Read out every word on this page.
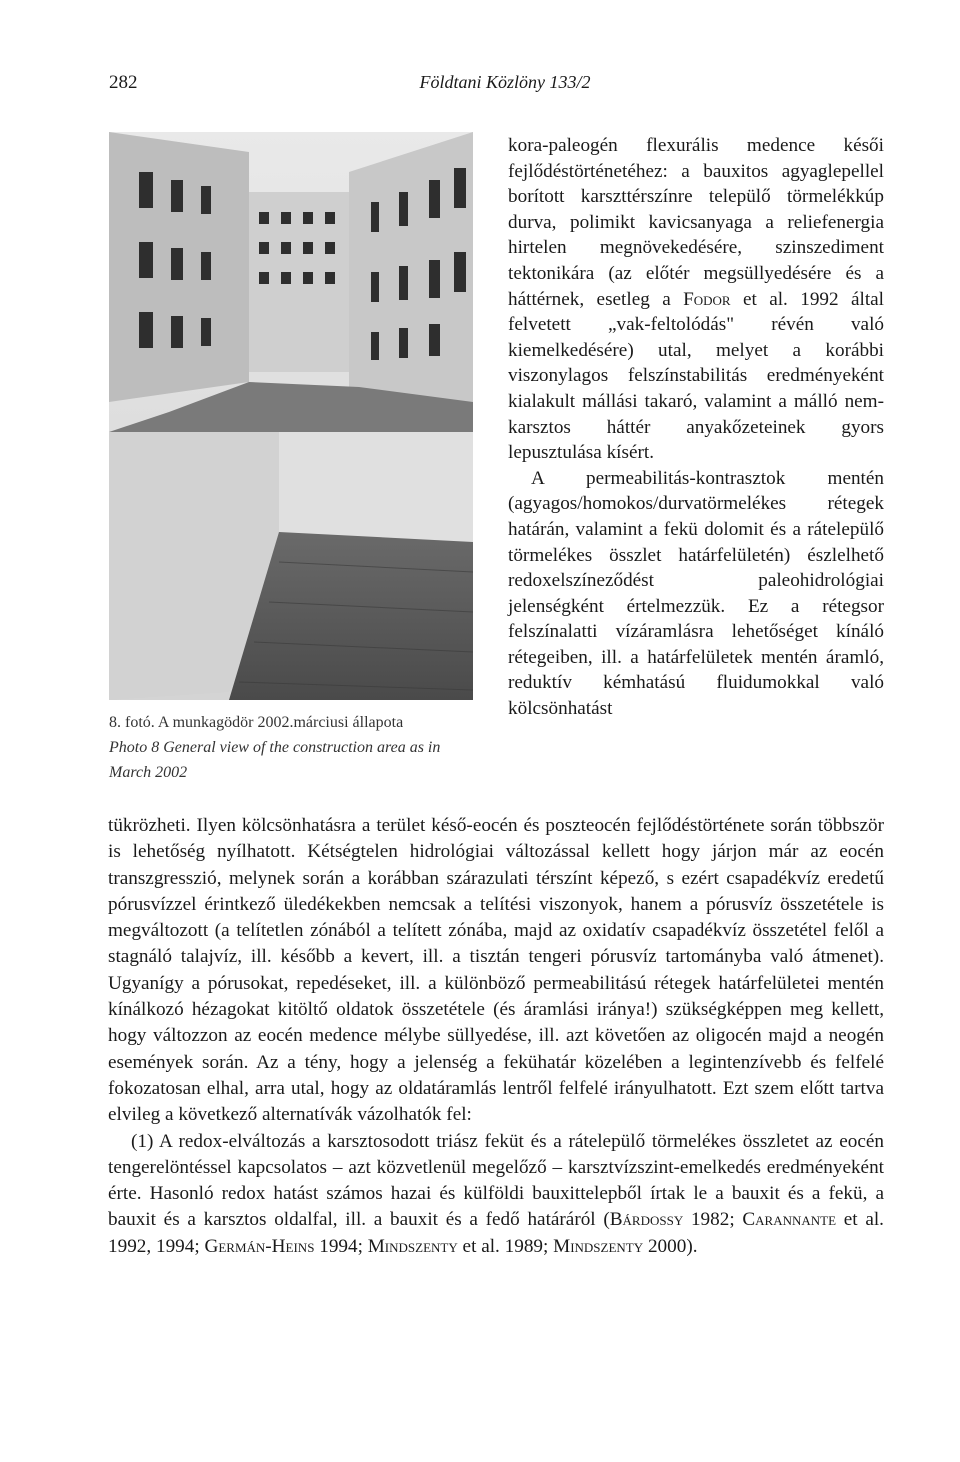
282	Földtani Közlöny 133/2
8. fotó. A munkagödör 2002.márciusi állapota
Photo 8 General view of the construction area as in March 2002

kora-paleogén flexurális medence késői fejlődéstörténetéhez: a bauxitos agyaglepellel borított karszttérszínre települő törmelékkúp durva, polimikt kavicsanyaga a reliefenergia hirtelen megnövekedésére, szinszediment tektonikára (az előtér megsüllyedésére és a háttérnek, esetleg a Fodor et al. 1992 által felvetett „vak-feltolódás" révén való kiemelkedésére) utal, melyet a korábbi viszonylagos felszínstabilitás eredményeként kialakult mállási takaró, valamint a málló nem-karsztos háttér anyakőzeteinek gyors lepusztulása kísért.

A permeabilitás-kontrasztok mentén (agyagos/homokos/durvatörmelékes rétegek határán, valamint a fekü dolomit és a rátelepülő törmelékes összlet határfelületén) észlelhető redoxelszíneződést paleohidrológiai jelenségként értelmezzük. Ez a rétegsor felszínalatti vízáramlásra lehetőséget kínáló rétegeiben, ill. a határfelületek mentén áramló, reduktív kémhatású fluidumokkal való kölcsönhatást

tükrözheti. Ilyen kölcsönhatásra a terület késő-eocén és poszteocén fejlődéstörténete során többször is lehetőség nyílhatott. Kétségtelen hidrológiai változással kellett hogy járjon már az eocén transzgresszió, melynek során a korábban szárazulati térszínt képező, s ezért csapadékvíz eredetű pórusvízzel érintkező üledékekben nemcsak a telítési viszonyok, hanem a pórusvíz összetétele is megváltozott (a telítetlen zónából a telített zónába, majd az oxidatív csapadékvíz összetétel felől a stagnáló talajvíz, ill. később a kevert, ill. a tisztán tengeri pórusvíz tartományba való átmenet). Ugyanígy a pórusokat, repedéseket, ill. a különböző permeabilitású rétegek határfelületei mentén kínálkozó hézagokat kitöltő oldatok összetétele (és áramlási iránya!) szükségképpen meg kellett, hogy változzon az eocén medence mélybe süllyedése, ill. azt követően az oligocén majd a neogén események során. Az a tény, hogy a jelenség a fekühatár közelében a legintenzívebb és felfelé fokozatosan elhal, arra utal, hogy az oldatáramlás lentről felfelé irányulhatott. Ezt szem előtt tartva elvileg a következő alternatívák vázolhatók fel:

(1) A redox-elváltozás a karsztosodott triász feküt és a rátelepülő törmelékes összletet az eocén tengerelöntéssel kapcsolatos – azt közvetlenül megelőző – karsztvízszint-emelkedés eredményeként érte. Hasonló redox hatást számos hazai és külföldi bauxittelepből írtak le a bauxit és a fekü, a bauxit és a karsztos oldalfal, ill. a bauxit és a fedő határáról (Bárdossy 1982; Carannante et al. 1992, 1994; Germán-Heins 1994; Mindszenty et al. 1989; Mindszenty 2000).
